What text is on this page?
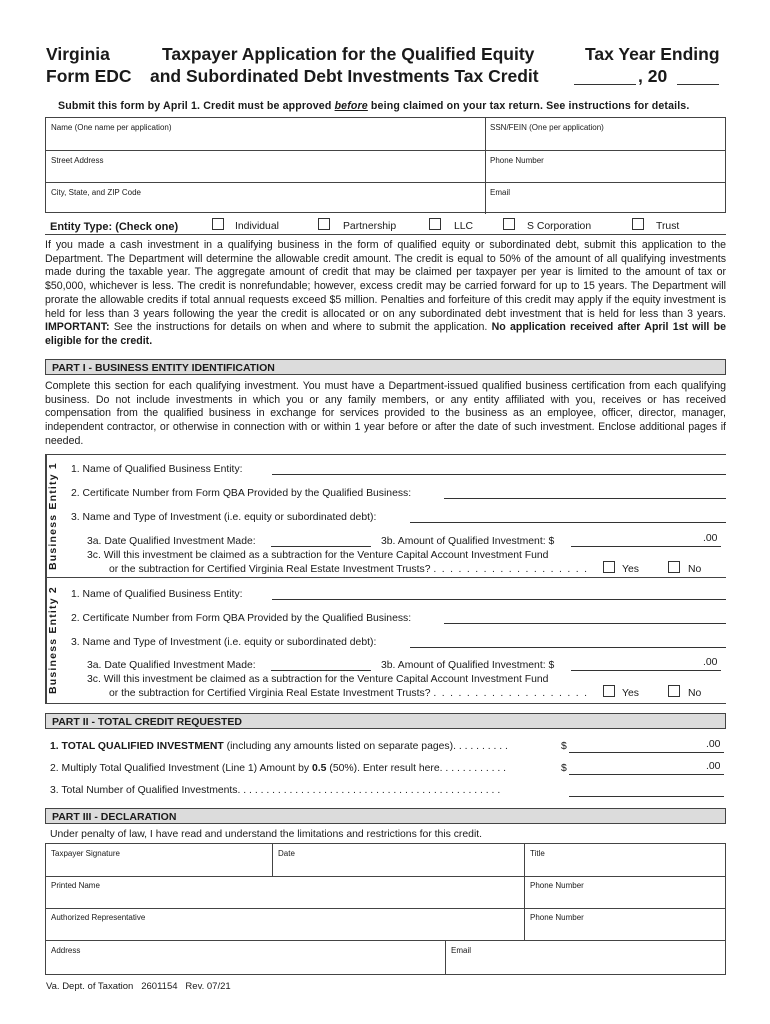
Virginia
Form EDC
Taxpayer Application for the Qualified Equity
and Subordinated Debt Investments Tax Credit
Tax Year Ending
, 20
Submit this form by April 1. Credit must be approved before being claimed on your tax return. See instructions for details.
Name (One name per application)	SSN/FEIN (One per application)
Street Address	Phone Number
City, State, and ZIP Code	Email
Entity Type: (Check one)	Individual	Partnership	LLC	S Corporation	Trust
If you made a cash investment in a qualifying business in the form of qualified equity or subordinated debt, submit this application to the Department. The Department will determine the allowable credit amount. The credit is equal to 50% of the amount of all qualifying investments made during the taxable year. The aggregate amount of credit that may be claimed per taxpayer per year is limited to the amount of tax or $50,000, whichever is less. The credit is nonrefundable; however, excess credit may be carried forward for up to 15 years. The Department will prorate the allowable credits if total annual requests exceed $5 million. Penalties and forfeiture of this credit may apply if the equity investment is held for less than 3 years following the year the credit is allocated or on any subordinated debt investment that is held for less than 3 years. IMPORTANT: See the instructions for details on when and where to submit the application. No application received after April 1st will be eligible for the credit.
PART I - BUSINESS ENTITY IDENTIFICATION
Complete this section for each qualifying investment. You must have a Department-issued qualified business certification from each qualifying business. Do not include investments in which you or any family members, or any entity affiliated with you, receives or has received compensation from the qualified business in exchange for services provided to the business as an employee, officer, director, manager, independent contractor, or otherwise in connection with or within 1 year before or after the date of such investment. Enclose additional pages if needed.
Business Entity 1	1. Name of Qualified Business Entity:
2. Certificate Number from Form QBA Provided by the Qualified Business:
3. Name and Type of Investment (i.e. equity or subordinated debt):
3a. Date Qualified Investment Made:	3b. Amount of Qualified Investment: $	.00
3c. Will this investment be claimed as a subtraction for the Venture Capital Account Investment Fund
or the subtraction for Certified Virginia Real Estate Investment Trusts? . . . . . . . . . . . . . . . . . . .	Yes	No
Business Entity 2	1. Name of Qualified Business Entity:
2. Certificate Number from Form QBA Provided by the Qualified Business:
3. Name and Type of Investment (i.e. equity or subordinated debt):
3a. Date Qualified Investment Made:	3b. Amount of Qualified Investment: $	.00
3c. Will this investment be claimed as a subtraction for the Venture Capital Account Investment Fund
or the subtraction for Certified Virginia Real Estate Investment Trusts? . . . . . . . . . . . . . . . . . . .	Yes	No
PART II - TOTAL CREDIT REQUESTED
1. TOTAL QUALIFIED INVESTMENT (including any amounts listed on separate pages). . . . . . . . . .	$	.00
2. Multiply Total Qualified Investment (Line 1) Amount by 0.5 (50%). Enter result here. . . . . . . . . . . .	$	.00
3. Total Number of Qualified Investments. . . . . . . . . . . . . . . . . . . . . . . . . . . . . . . . . . . . . . . . . . . . . .
PART III - DECLARATION
Under penalty of law, I have read and understand the limitations and restrictions for this credit.
Taxpayer Signature	Date	Title
Printed Name	Phone Number
Authorized Representative	Phone Number
Address	Email
Va. Dept. of Taxation   2601154   Rev. 07/21
